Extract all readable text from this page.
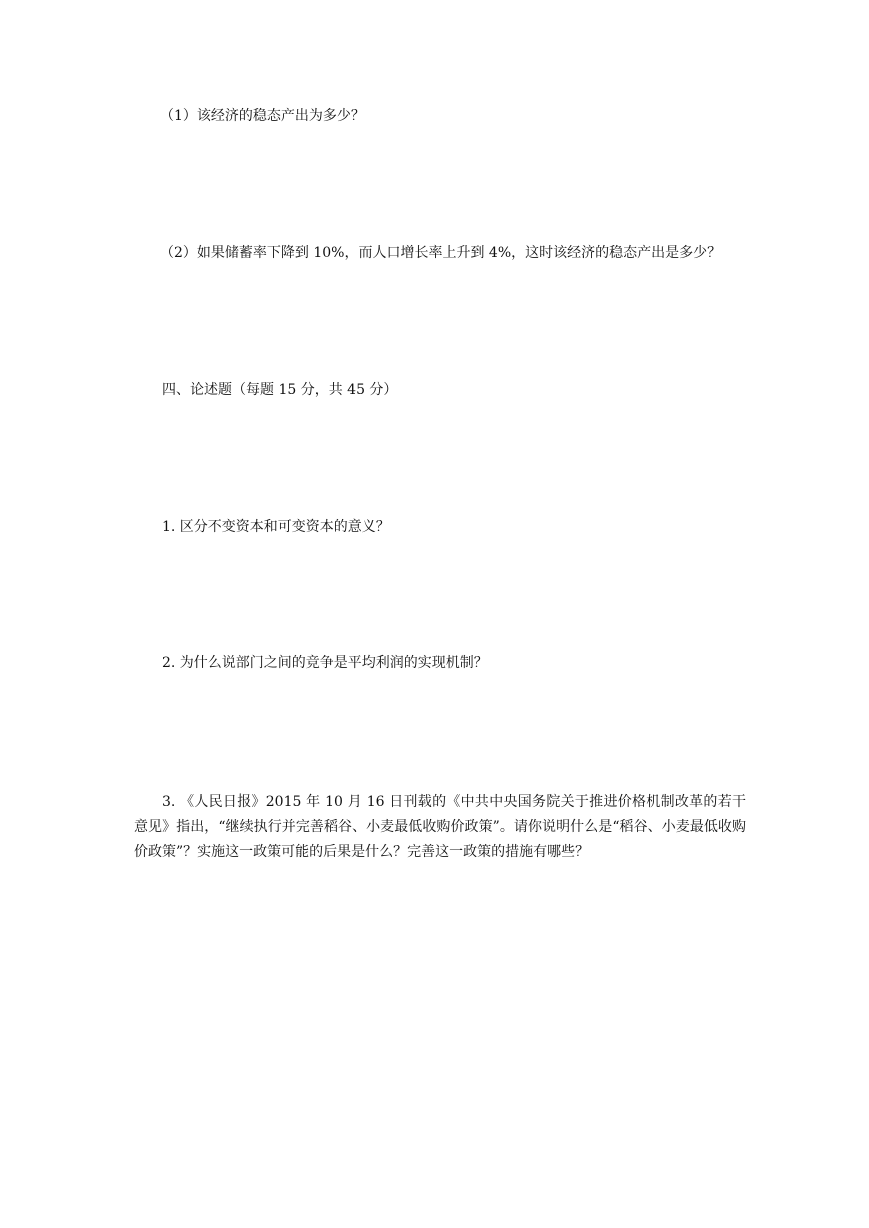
（1）该经济的稳态产出为多少？

（2）如果储蓄率下降到 10%，而人口增长率上升到 4%，这时该经济的稳态产出是多少？

四、论述题（每题 15 分，共 45 分）

1. 区分不变资本和可变资本的意义？

2. 为什么说部门之间的竞争是平均利润的实现机制？

3. 《人民日报》2015 年 10 月 16 日刊载的《中共中央国务院关于推进价格机制改革的若干意见》指出，“继续执行并完善稻谷、小麦最低收购价政策”。请你说明什么是“稻谷、小麦最低收购价政策”？实施这一政策可能的后果是什么？完善这一政策的措施有哪些？
